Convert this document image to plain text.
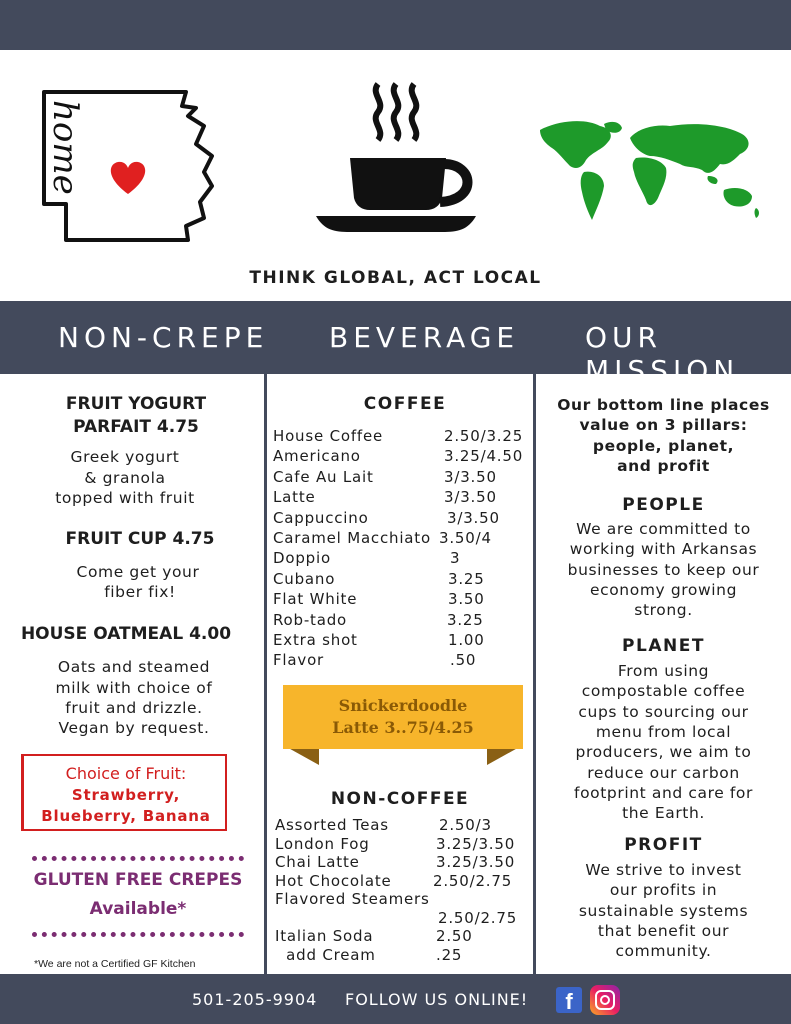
home
THINK GLOBAL, ACT LOCAL
NON-CREPE BEVERAGE OUR MISSION
FRUIT YOGURT
PARFAIT 4.75
Greek yogurt
& granola
topped with fruit
FRUIT CUP 4.75
Come get your
fiber fix!
HOUSE OATMEAL 4.00
Oats and steamed
milk with choice of
fruit and drizzle.
Vegan by request.
Choice of Fruit:
Strawberry,
Blueberry, Banana
GLUTEN FREE CREPES
Available*
*We are not a Certified GF Kitchen
COFFEE
House Coffee	2.50/3.25
Americano	3.25/4.50
Cafe Au Lait	3/3.50
Latte	3/3.50
Cappuccino	3/3.50
Caramel Macchiato 3.50/4
Doppio	3
Cubano	3.25
Flat White	3.50
Rob-tado	3.25
Extra shot	1.00
Flavor	.50
Snickerdoodle
Latte 3..75/4.25
NON-COFFEE
Assorted Teas	2.50/3
London Fog	3.25/3.50
Chai Latte	3.25/3.50
Hot Chocolate	2.50/2.75
Flavored Steamers
2.50/2.75
Italian Soda	2.50
add Cream	.25
Our bottom line places
value on 3 pillars:
people, planet,
and profit
PEOPLE
We are committed to
working with Arkansas
businesses to keep our
economy growing
strong.
PLANET
From using
compostable coffee
cups to sourcing our
menu from local
producers, we aim to
reduce our carbon
footprint and care for
the Earth.
PROFIT
We strive to invest
our profits in
sustainable systems
that benefit our
community.
501-205-9904 FOLLOW US ONLINE!	f
